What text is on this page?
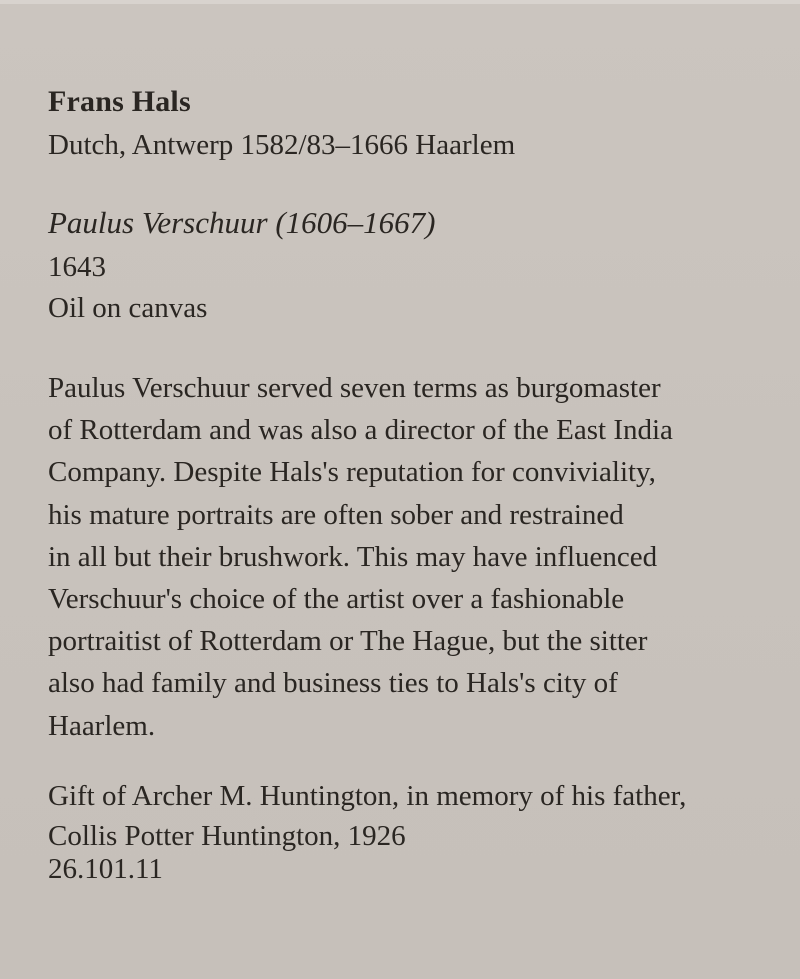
Frans Hals
Dutch, Antwerp 1582/83–1666 Haarlem
Paulus Verschuur (1606–1667)
1643
Oil on canvas
Paulus Verschuur served seven terms as burgomaster
of Rotterdam and was also a director of the East India
Company. Despite Hals's reputation for conviviality,
his mature portraits are often sober and restrained
in all but their brushwork. This may have influenced
Verschuur's choice of the artist over a fashionable
portraitist of Rotterdam or The Hague, but the sitter
also had family and business ties to Hals's city of
Haarlem.
Gift of Archer M. Huntington, in memory of his father,
Collis Potter Huntington, 1926
26.101.11
